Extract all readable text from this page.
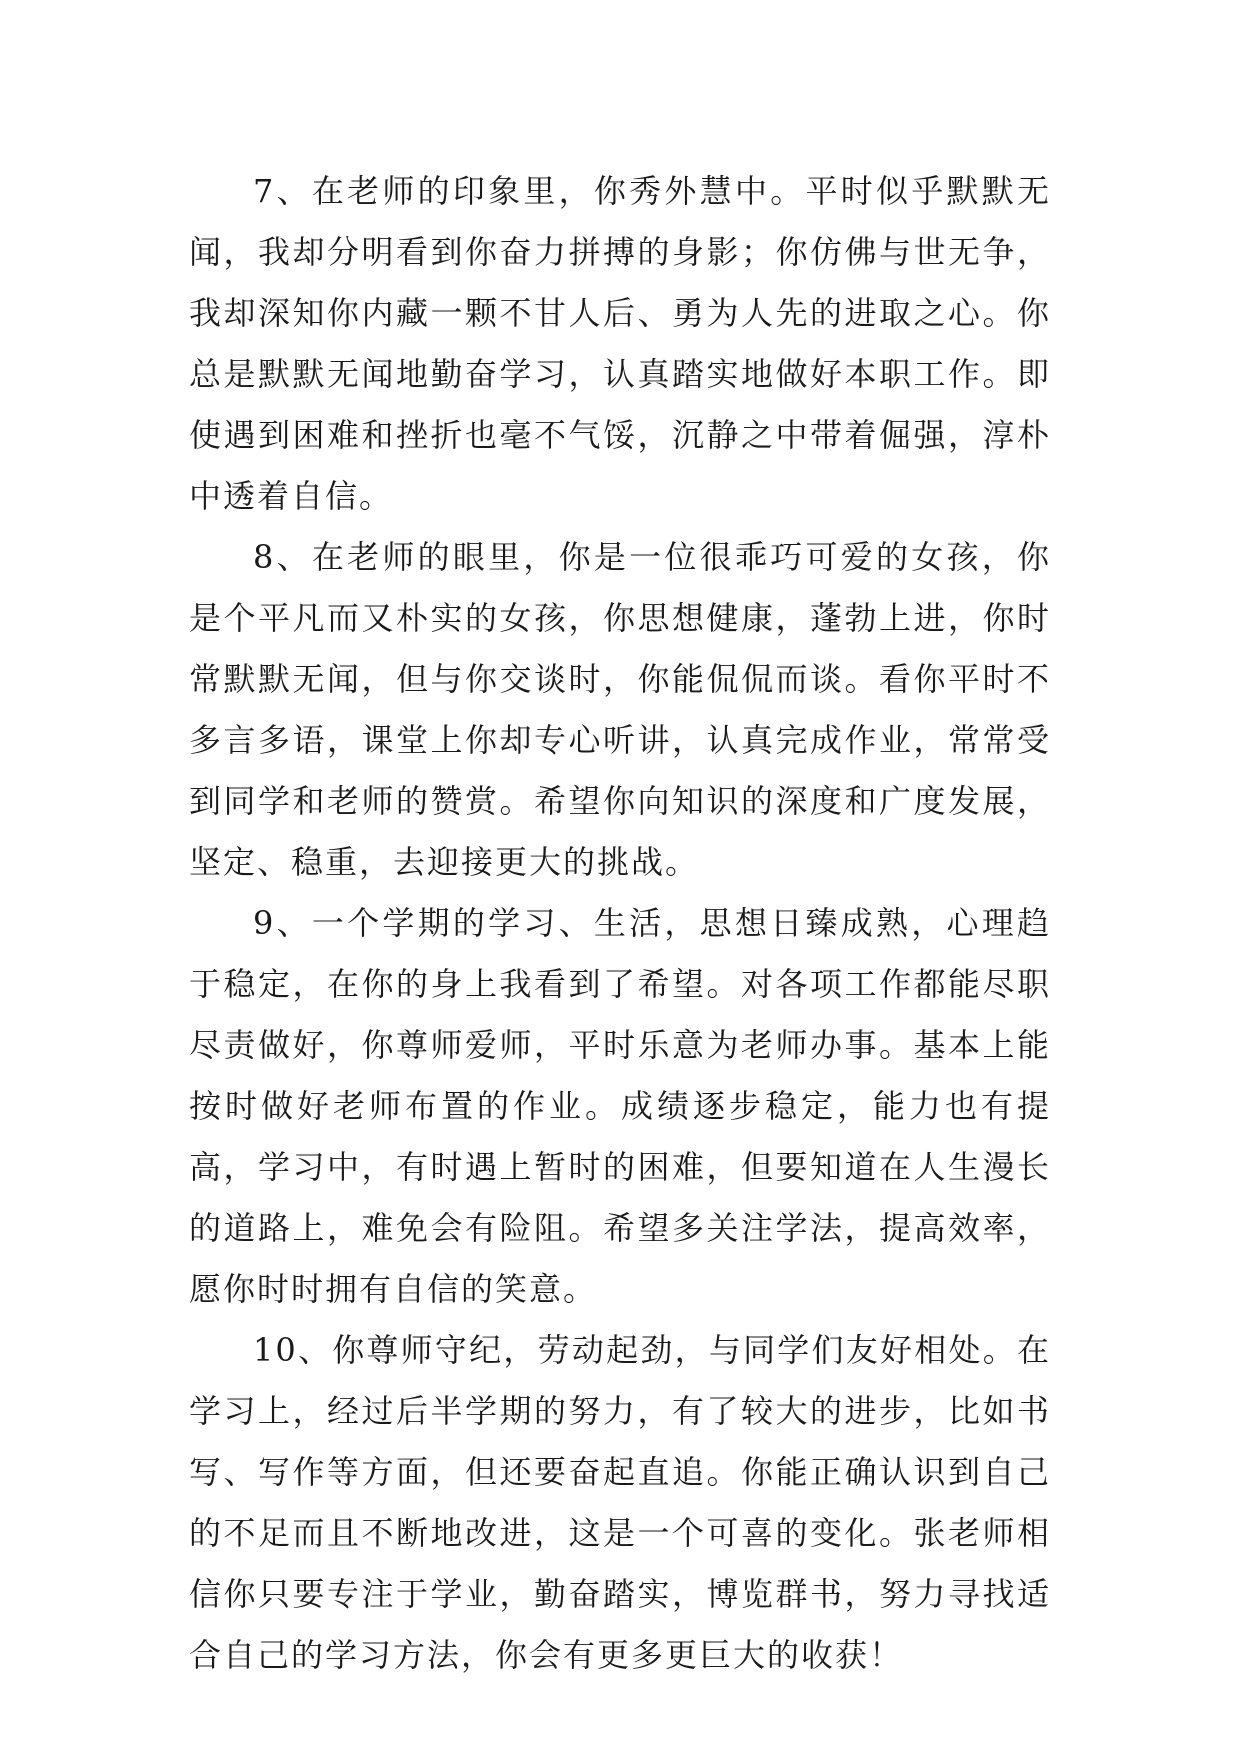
7、在老师的印象里，你秀外慧中。平时似乎默默无闻，我却分明看到你奋力拼搏的身影；你仿佛与世无争，我却深知你内藏一颗不甘人后、勇为人先的进取之心。你总是默默无闻地勤奋学习，认真踏实地做好本职工作。即使遇到困难和挫折也毫不气馁，沉静之中带着倔强，淳朴中透着自信。

8、在老师的眼里，你是一位很乖巧可爱的女孩，你是个平凡而又朴实的女孩，你思想健康，蓬勃上进，你时常默默无闻，但与你交谈时，你能侃侃而谈。看你平时不多言多语，课堂上你却专心听讲，认真完成作业，常常受到同学和老师的赞赏。希望你向知识的深度和广度发展，坚定、稳重，去迎接更大的挑战。

9、一个学期的学习、生活，思想日臻成熟，心理趋于稳定，在你的身上我看到了希望。对各项工作都能尽职尽责做好，你尊师爱师，平时乐意为老师办事。基本上能按时做好老师布置的作业。成绩逐步稳定，能力也有提高，学习中，有时遇上暂时的困难，但要知道在人生漫长的道路上，难免会有险阻。希望多关注学法，提高效率，愿你时时拥有自信的笑意。

10、你尊师守纪，劳动起劲，与同学们友好相处。在学习上，经过后半学期的努力，有了较大的进步，比如书写、写作等方面，但还要奋起直追。你能正确认识到自己的不足而且不断地改进，这是一个可喜的变化。张老师相信你只要专注于学业，勤奋踏实，博览群书，努力寻找适合自己的学习方法，你会有更多更巨大的收获！
